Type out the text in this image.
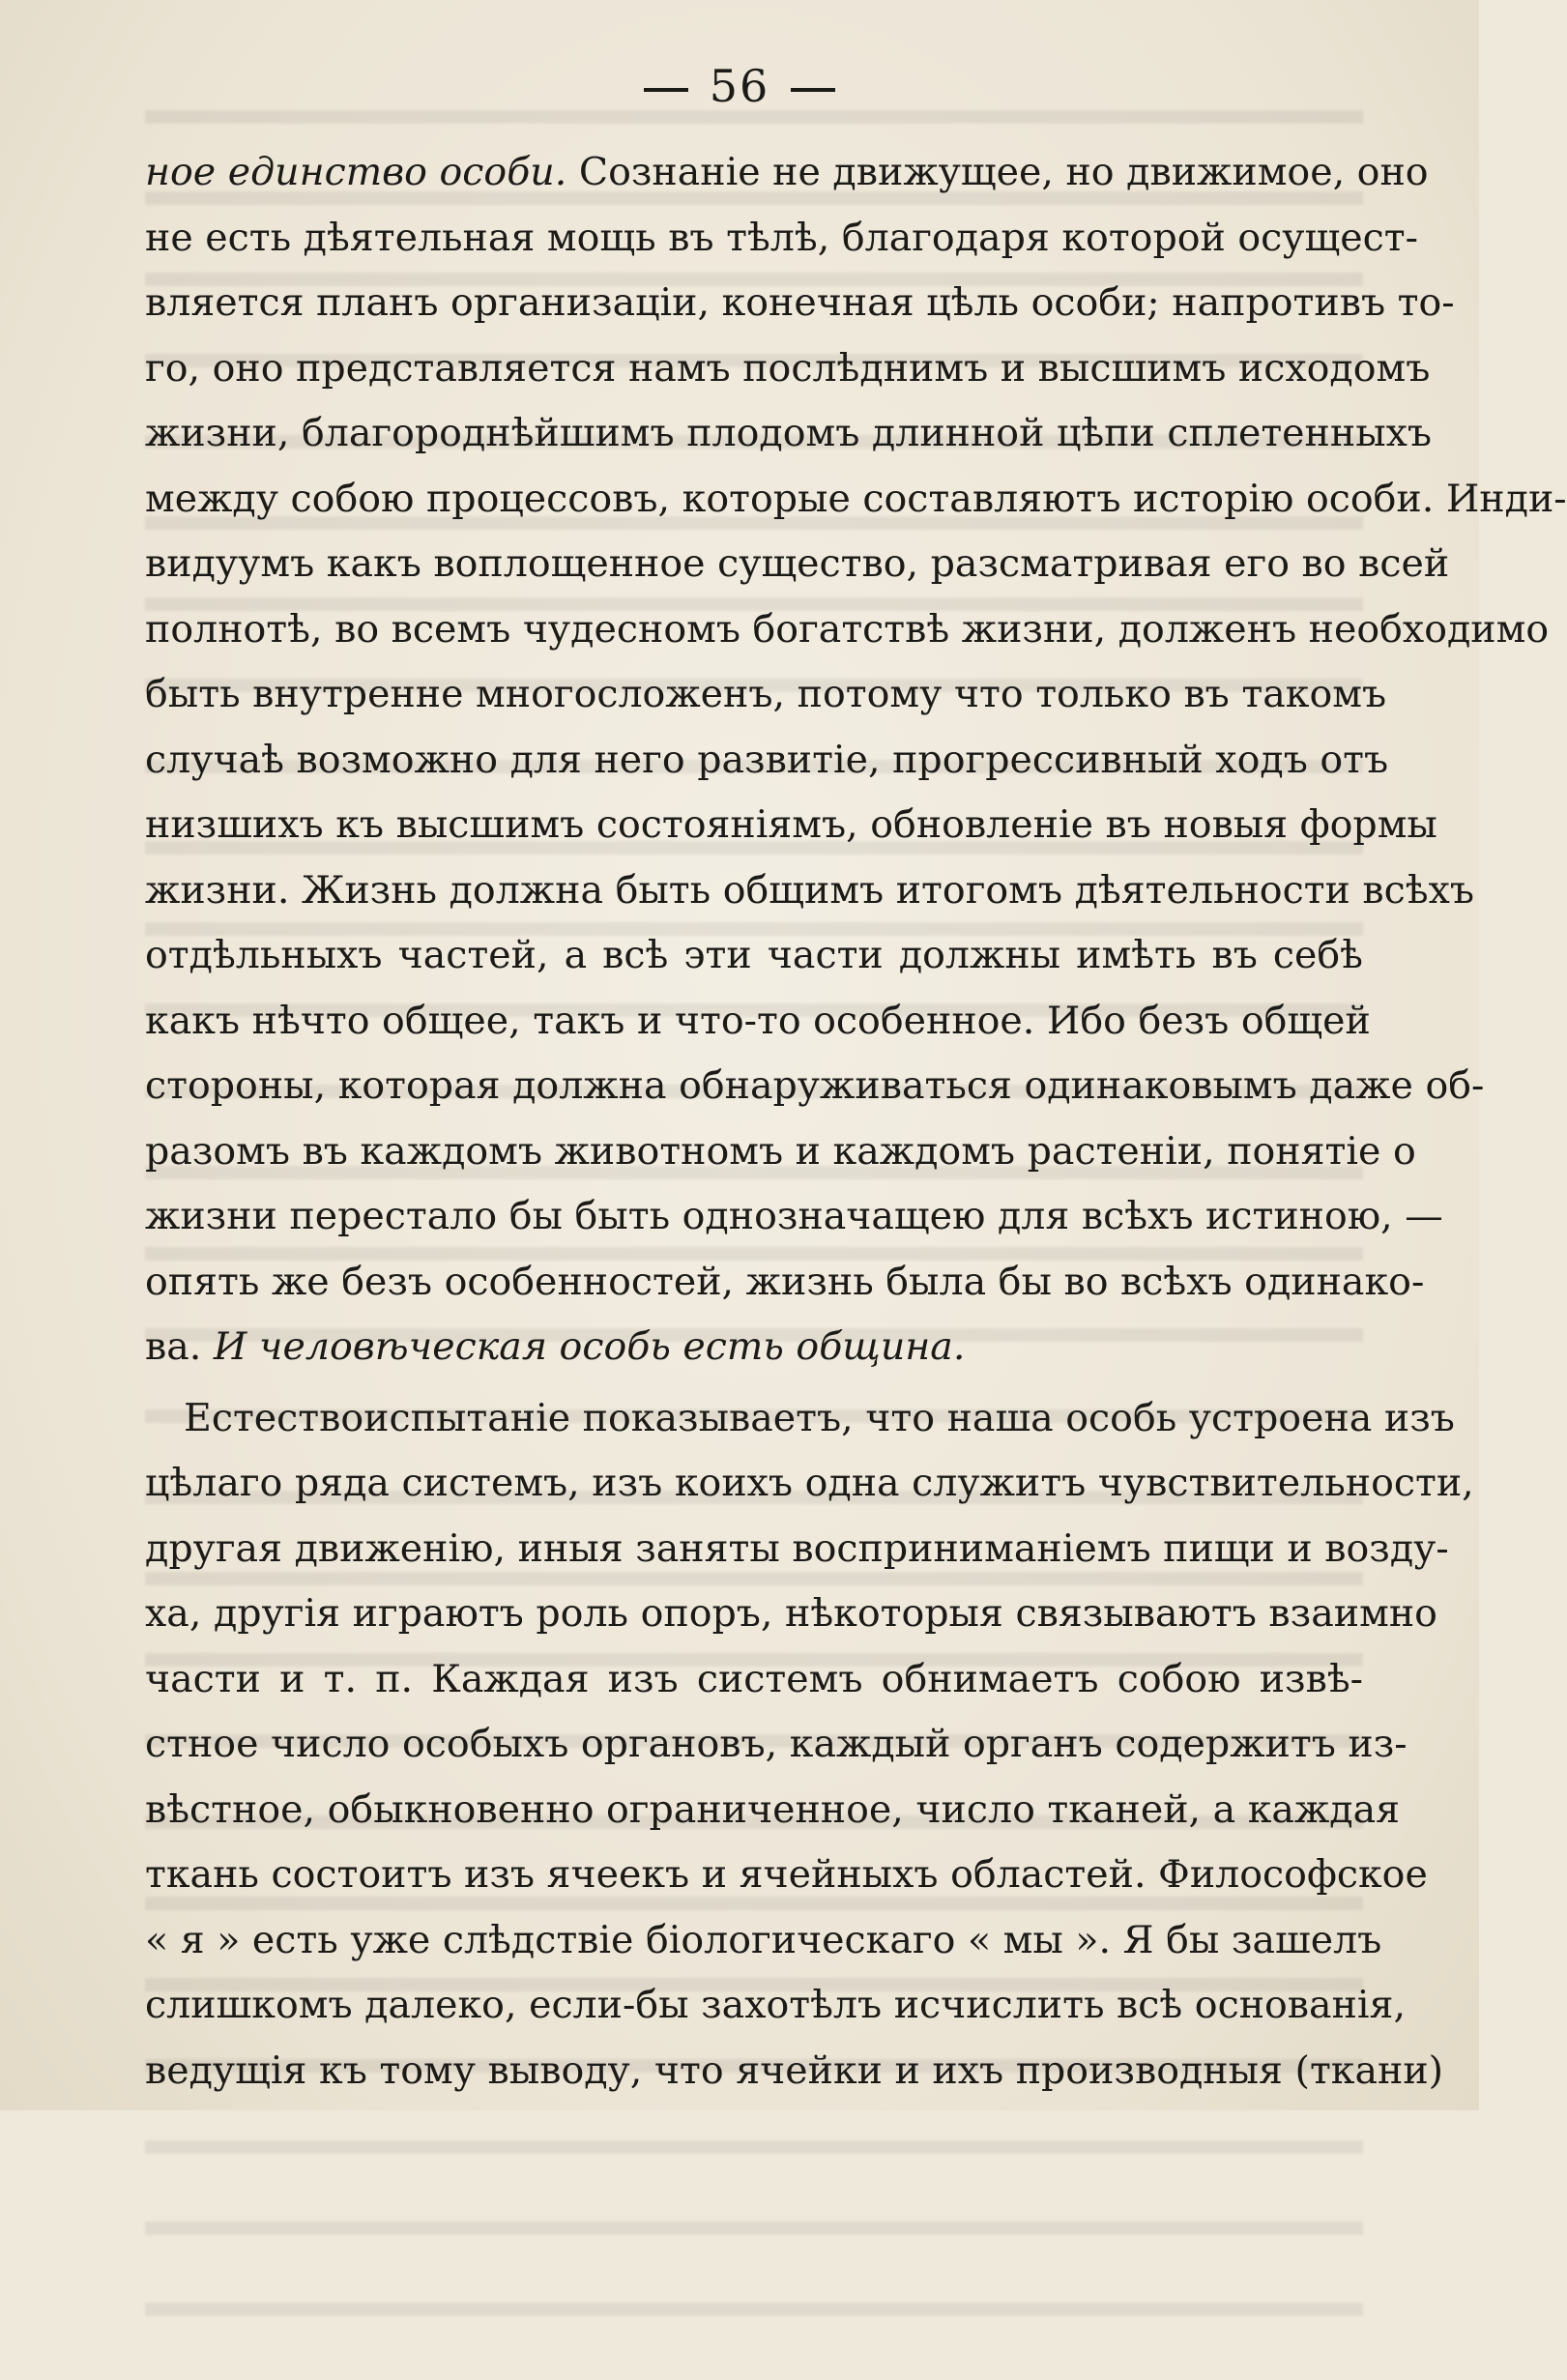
56
ное единство особи. Сознаніе не движущее, но движимое, оно
не есть дѣятельная мощь въ тѣлѣ, благодаря которой осущест-
вляется планъ организаціи, конечная цѣль особи; напротивъ то-
го, оно представляется намъ послѣднимъ и высшимъ исходомъ
жизни, благороднѣйшимъ плодомъ длинной цѣпи сплетенныхъ
между собою процессовъ, которые составляютъ исторію особи. Инди-
видуумъ какъ воплощенное существо, разсматривая его во всей
полнотѣ, во всемъ чудесномъ богатствѣ жизни, долженъ необходимо
быть внутренне многосложенъ, потому что только въ такомъ
случаѣ возможно для него развитіе, прогрессивный ходъ отъ
низшихъ къ высшимъ состояніямъ, обновленіе въ новыя формы
жизни. Жизнь должна быть общимъ итогомъ дѣятельности всѣхъ
отдѣльныхъ частей, а всѣ эти части должны имѣть въ себѣ
какъ нѣчто общее, такъ и что-то особенное. Ибо безъ общей
стороны, которая должна обнаруживаться одинаковымъ даже об-
разомъ въ каждомъ животномъ и каждомъ растеніи, понятіе о
жизни перестало бы быть однозначащею для всѣхъ истиною, —
опять же безъ особенностей, жизнь была бы во всѣхъ одинако-
ва. И человѣческая особь есть община.
Естествоиспытаніе показываетъ, что наша особь устроена изъ
цѣлаго ряда системъ, изъ коихъ одна служитъ чувствительности,
другая движенію, иныя заняты восприниманіемъ пищи и возду-
ха, другія играютъ роль опоръ, нѣкоторыя связываютъ взаимно
части и т. п. Каждая изъ системъ обнимаетъ собою извѣ-
стное число особыхъ органовъ, каждый органъ содержитъ из-
вѣстное, обыкновенно ограниченное, число тканей, а каждая
ткань состоитъ изъ ячеекъ и ячейныхъ областей. Философское
« я » есть уже слѣдствіе біологическаго « мы ». Я бы зашелъ
слишкомъ далеко, если-бы захотѣлъ исчислить всѣ основанія,
ведущія къ тому выводу, что ячейки и ихъ производныя (ткани)
